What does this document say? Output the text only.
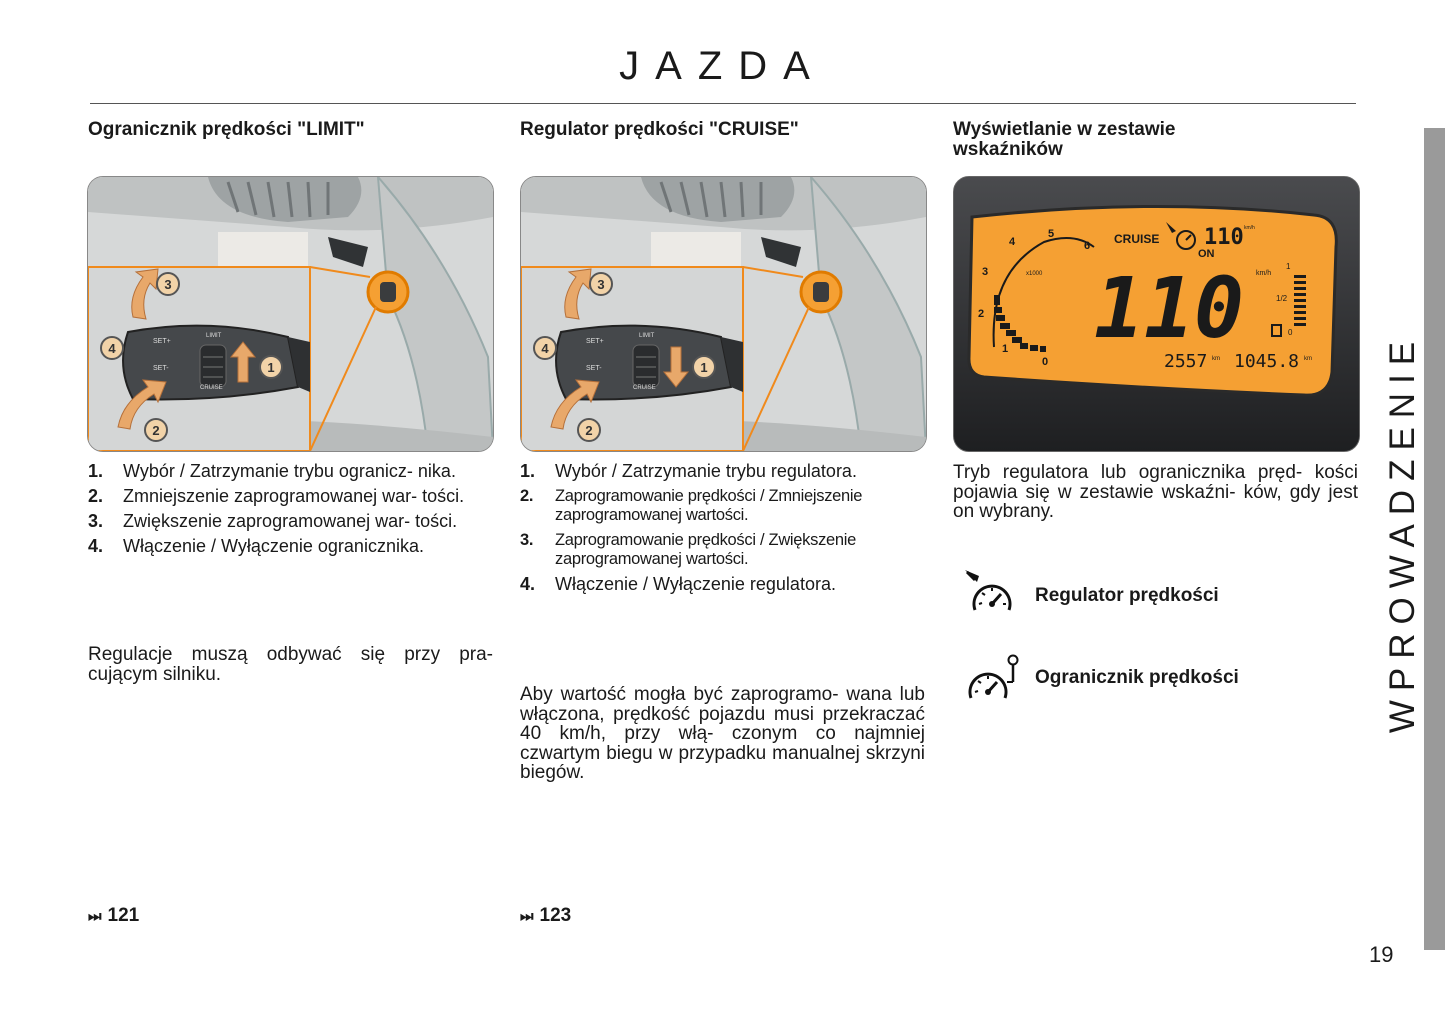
JAZDA
Ogranicznik prędkości "LIMIT"
SET+
SET-
LIMIT
CRUISE
3
4
1
2
1. Wybór / Zatrzymanie trybu ogranicz- nika.
2. Zmniejszenie zaprogramowanej war- tości.
3. Zwiększenie zaprogramowanej war- tości.
4. Włączenie / Wyłączenie ogranicznika.
Regulacje muszą odbywać się przy pra- cującym silniku.
⏭ 121
Regulator prędkości "CRUISE"
SET+
SET-
LIMIT
CRUISE
3
4
1
2
1. Wybór / Zatrzymanie trybu regulatora.
2. Zaprogramowanie prędkości / Zmniejszenie zaprogramowanej wartości.
3. Zaprogramowanie prędkości / Zwiększenie zaprogramowanej wartości.
4. Włączenie / Wyłączenie regulatora.
Aby wartość mogła być zaprogramo- wana lub włączona, prędkość pojazdu musi przekraczać 40 km/h, przy włą- czonym co najmniej czwartym biegu w przypadku manualnej skrzyni biegów.
⏭ 123
Wyświetlanie w zestawie wskaźników
1
0
2
3
4
5
6
x1000
CRUISE 110 km/h
ON
110 km/h
1
1/2
0
2557 km 1045.8 km
Tryb regulatora lub ogranicznika pręd- kości pojawia się w zestawie wskaźni- ków, gdy jest on wybrany.
Regulator prędkości
Ogranicznik prędkości	WPROWADZENIE
19
